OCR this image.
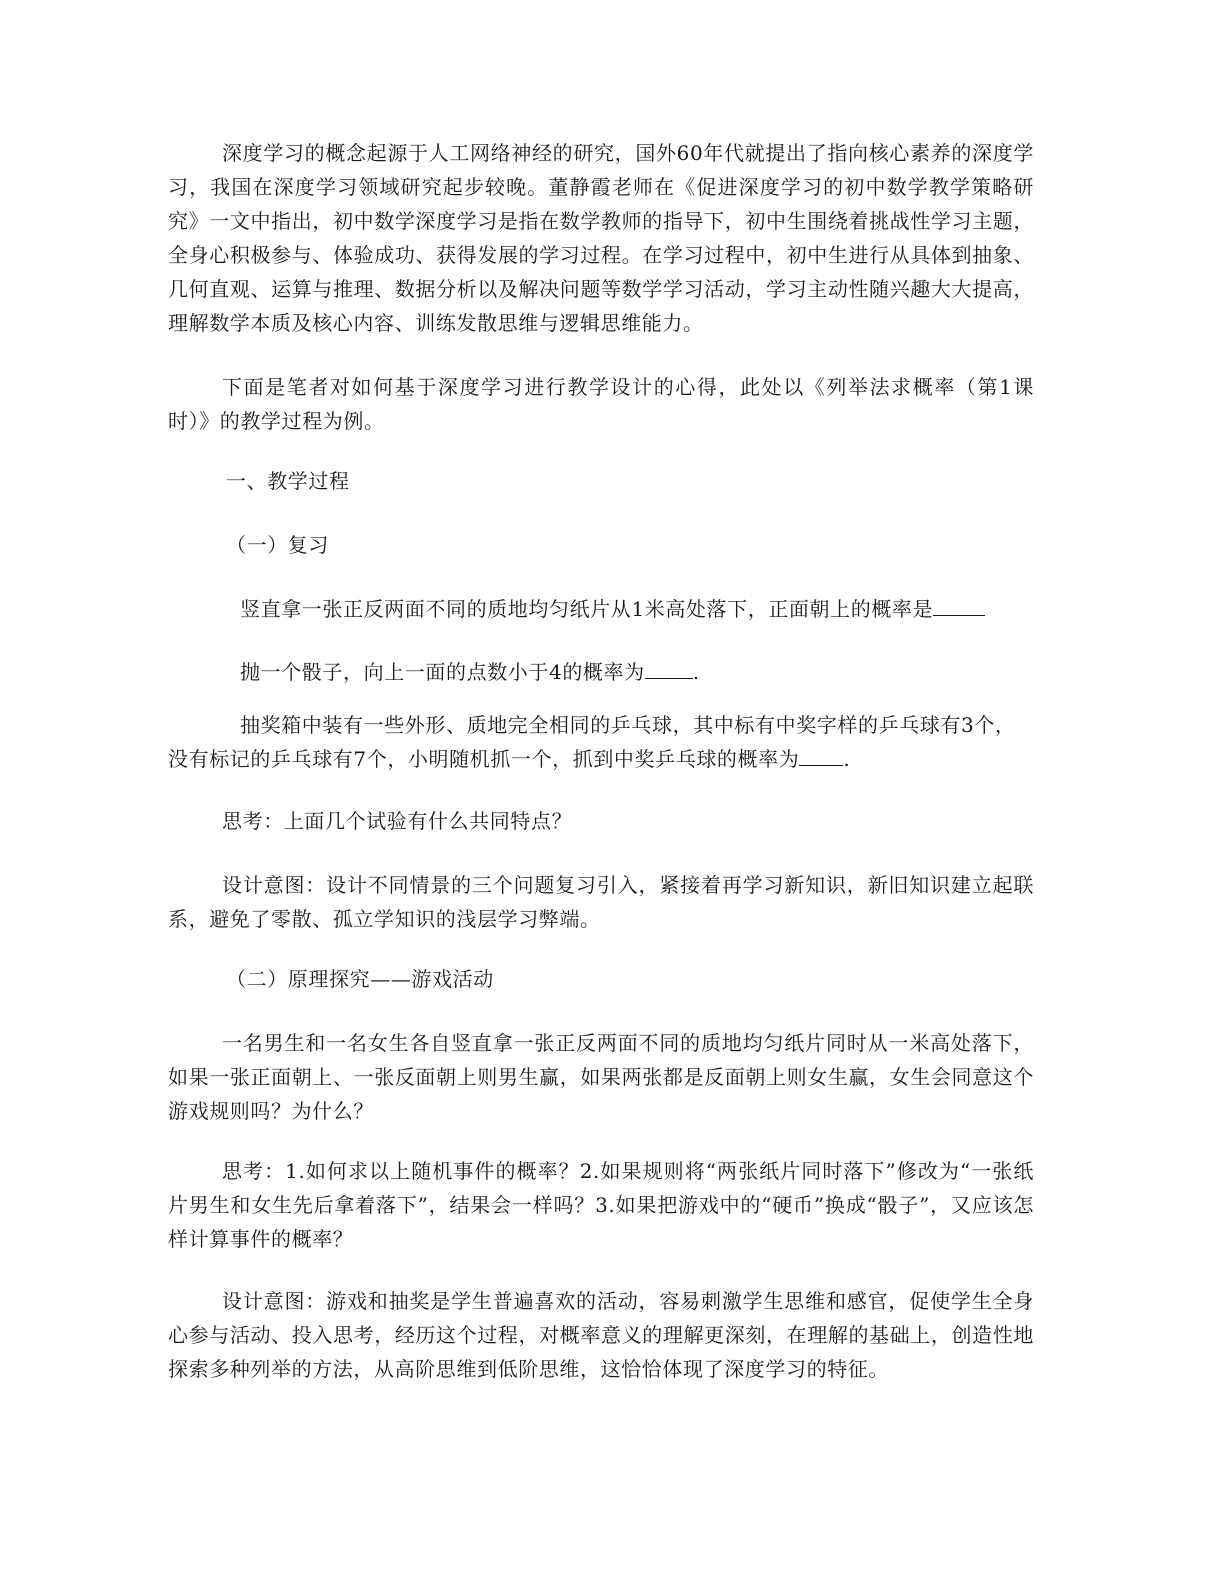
深度学习的概念起源于人工网络神经的研究，国外60年代就提出了指向核心素养的深度学习，我国在深度学习领域研究起步较晚。董静霞老师在《促进深度学习的初中数学教学策略研究》一文中指出，初中数学深度学习是指在数学教师的指导下，初中生围绕着挑战性学习主题，全身心积极参与、体验成功、获得发展的学习过程。在学习过程中，初中生进行从具体到抽象、几何直观、运算与推理、数据分析以及解决问题等数学学习活动，学习主动性随兴趣大大提高，理解数学本质及核心内容、训练发散思维与逻辑思维能力。

下面是笔者对如何基于深度学习进行教学设计的心得，此处以《列举法求概率（第1课时）》的教学过程为例。

一、教学过程

（一）复习

竖直拿一张正反两面不同的质地均匀纸片从1米高处落下，正面朝上的概率是

抛一个骰子，向上一面的点数小于4的概率为 .

抽奖箱中装有一些外形、质地完全相同的乒乓球，其中标有中奖字样的乒乓球有3个，

没有标记的乒乓球有7个，小明随机抓一个，抓到中奖乒乓球的概率为 .

思考：上面几个试验有什么共同特点？

设计意图：设计不同情景的三个问题复习引入，紧接着再学习新知识，新旧知识建立起联系，避免了零散、孤立学知识的浅层学习弊端。

（二）原理探究——游戏活动

一名男生和一名女生各自竖直拿一张正反两面不同的质地均匀纸片同时从一米高处落下，如果一张正面朝上、一张反面朝上则男生赢，如果两张都是反面朝上则女生赢，女生会同意这个游戏规则吗？为什么？

思考：1.如何求以上随机事件的概率？2.如果规则将“两张纸片同时落下”修改为“一张纸片男生和女生先后拿着落下”，结果会一样吗？3.如果把游戏中的“硬币”换成“骰子”，又应该怎样计算事件的概率？

设计意图：游戏和抽奖是学生普遍喜欢的活动，容易刺激学生思维和感官，促使学生全身心参与活动、投入思考，经历这个过程，对概率意义的理解更深刻，在理解的基础上，创造性地探索多种列举的方法，从高阶思维到低阶思维，这恰恰体现了深度学习的特征。
